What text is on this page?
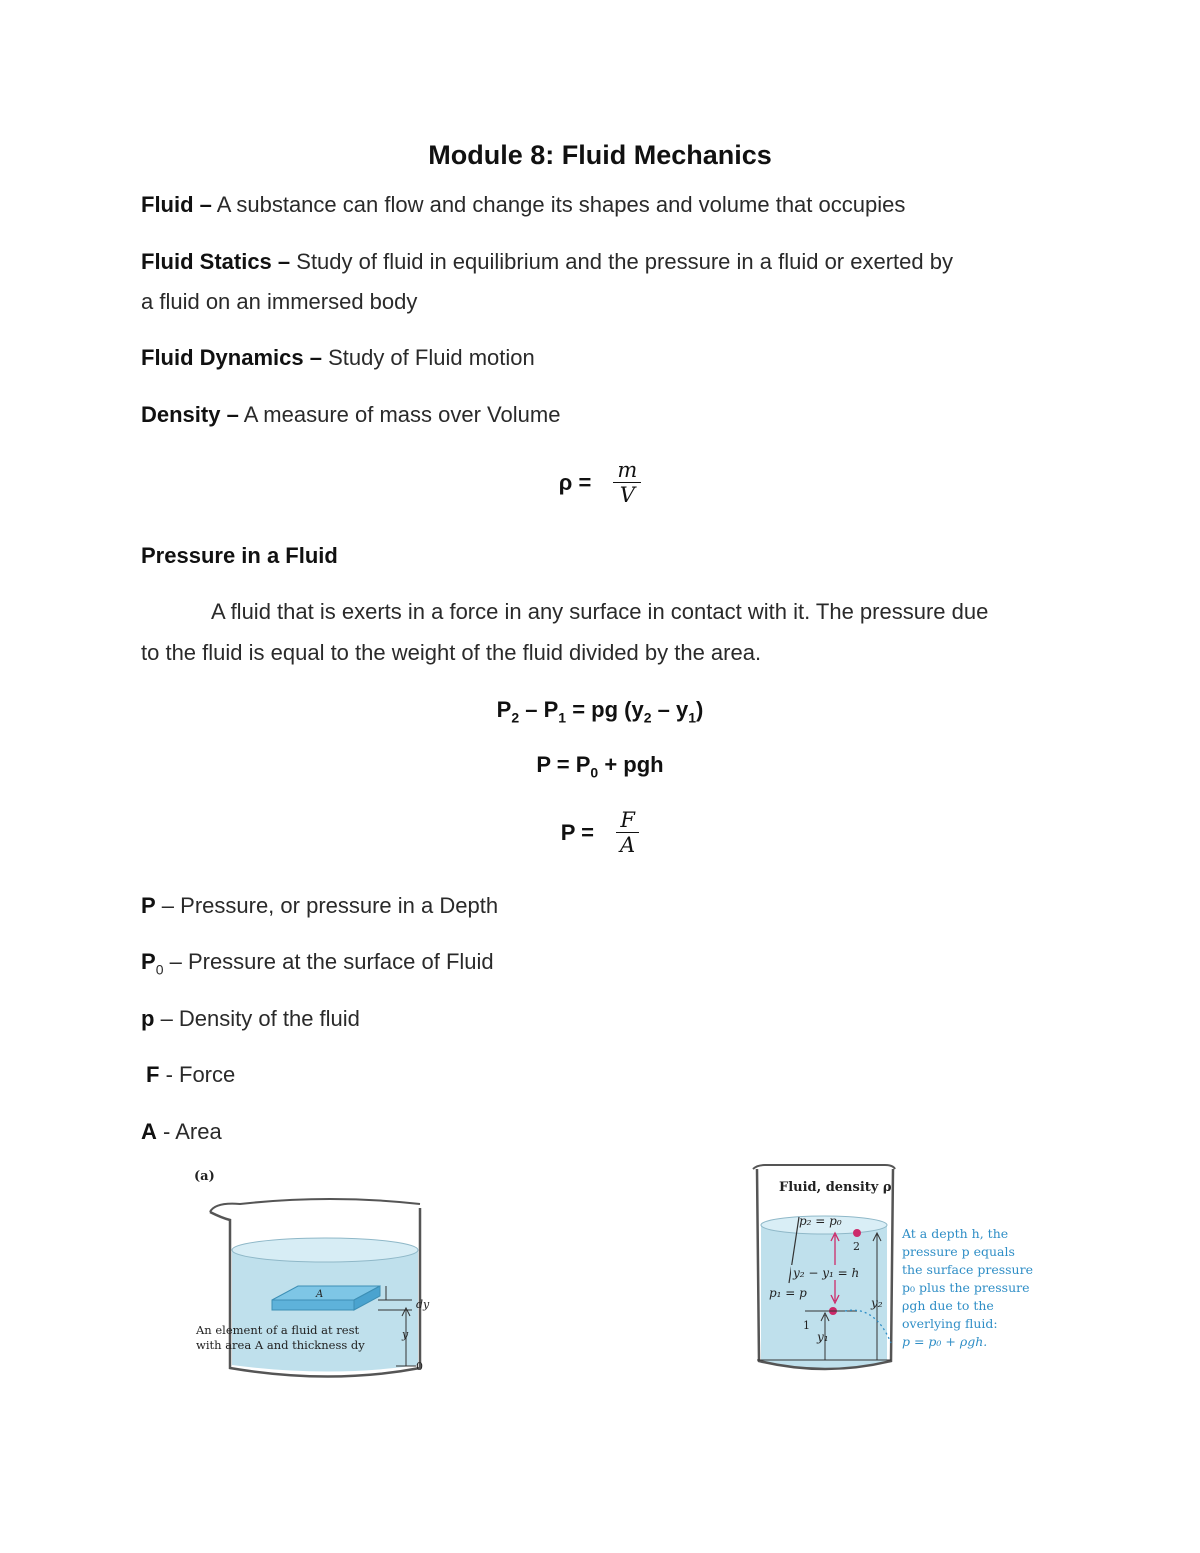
Module 8: Fluid Mechanics
Fluid – A substance can flow and change its shapes and volume that occupies
Fluid Statics – Study of fluid in equilibrium and the pressure in a fluid or exerted by
a fluid on an immersed body
Fluid Dynamics – Study of Fluid motion
Density – A measure of mass over Volume
$\rho = \frac{m}{V}$
Pressure in a Fluid
A fluid that is exerts in a force in any surface in contact with it. The pressure due
to the fluid is equal to the weight of the fluid divided by the area.
$P_2 - P_1$ = pg $(y_2 - y_1)$
$P = P_0$ + pgh
$P = \frac{F}{A}$
P – Pressure, or pressure in a Depth
$P_0$ – Pressure at the surface of Fluid
p – Density of the fluid
F - Force
A - Area
(a)
A
dy
y
0
An element of a fluid at rest
with area A and thickness dy
Fluid, density ρ
p₂ = p₀
2
y₂ − y₁ = h
p₁ = p
1
y₁
y₂
At a depth h, the
pressure p equals
the surface pressure
p₀ plus the pressure
ρgh due to the
overlying fluid:
p = p₀ + ρgh.
